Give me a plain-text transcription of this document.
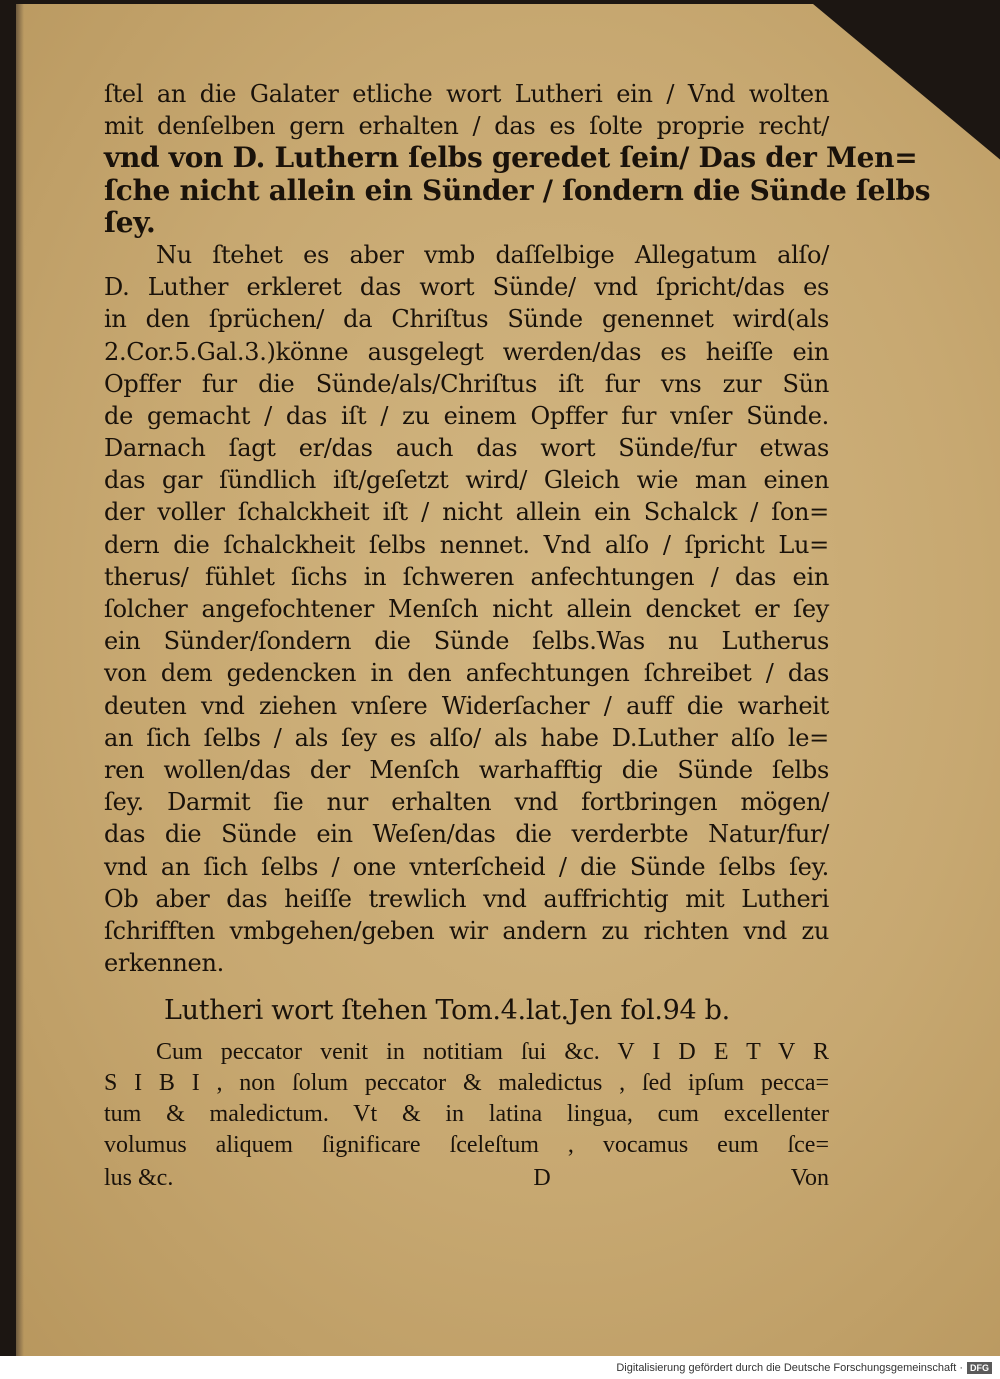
ſtel an die Galater etliche wort Lutheri ein / Vnd wolten
mit denſelben gern erhalten / das es ſolte proprie recht/
vnd von D. Luthern ſelbs geredet ſein/ Das der Men=
ſche nicht allein ein Sünder / ſondern die Sünde ſelbs
ſey.
Nu ſtehet es aber vmb daſſelbige Allegatum alſo/
D. Luther erkleret das wort Sünde/ vnd ſpricht/das es
in den ſprüchen/ da Chriſtus Sünde genennet wird(als
2.Cor.5.Gal.3.)könne ausgelegt werden/das es heiſſe ein
Opffer fur die Sünde/als/Chriſtus iſt fur vns zur Sün
de gemacht / das iſt / zu einem Opffer fur vnſer Sünde.
Darnach ſagt er/das auch das wort Sünde/fur etwas
das gar ſündlich iſt/geſetzt wird/ Gleich wie man einen
der voller ſchalckheit iſt / nicht allein ein Schalck / ſon=
dern die ſchalckheit ſelbs nennet. Vnd alſo / ſpricht Lu=
therus/ fühlet ſichs in ſchweren anfechtungen / das ein
ſolcher angefochtener Menſch nicht allein dencket er ſey
ein Sünder/ſondern die Sünde ſelbs.Was nu Lutherus
von dem gedencken in den anfechtungen ſchreibet / das
deuten vnd ziehen vnſere Widerſacher / auff die warheit
an ſich ſelbs / als ſey es alſo/ als habe D.Luther alſo le=
ren wollen/das der Menſch warhafftig die Sünde ſelbs
ſey. Darmit ſie nur erhalten vnd fortbringen mögen/
das die Sünde ein Weſen/das die verderbte Natur/fur/
vnd an ſich ſelbs / one vnterſcheid / die Sünde ſelbs ſey.
Ob aber das heiſſe trewlich vnd auffrichtig mit Lutheri
ſchrifften vmbgehen/geben wir andern zu richten vnd zu
erkennen.
Lutheri wort ſtehen Tom.4.lat.Jen fol.94 b.
Cum peccator venit in notitiam ſui &c. V I D E T V R
S I B I , non ſolum peccator & maledictus , ſed ipſum pecca=
tum & maledictum. Vt & in latina lingua, cum excellenter
volumus aliquem ſignificare ſceleſtum , vocamus eum ſce=
lus &c.	D	Von
Digitalisierung gefördert durch die Deutsche Forschungsgemeinschaft · DFG
